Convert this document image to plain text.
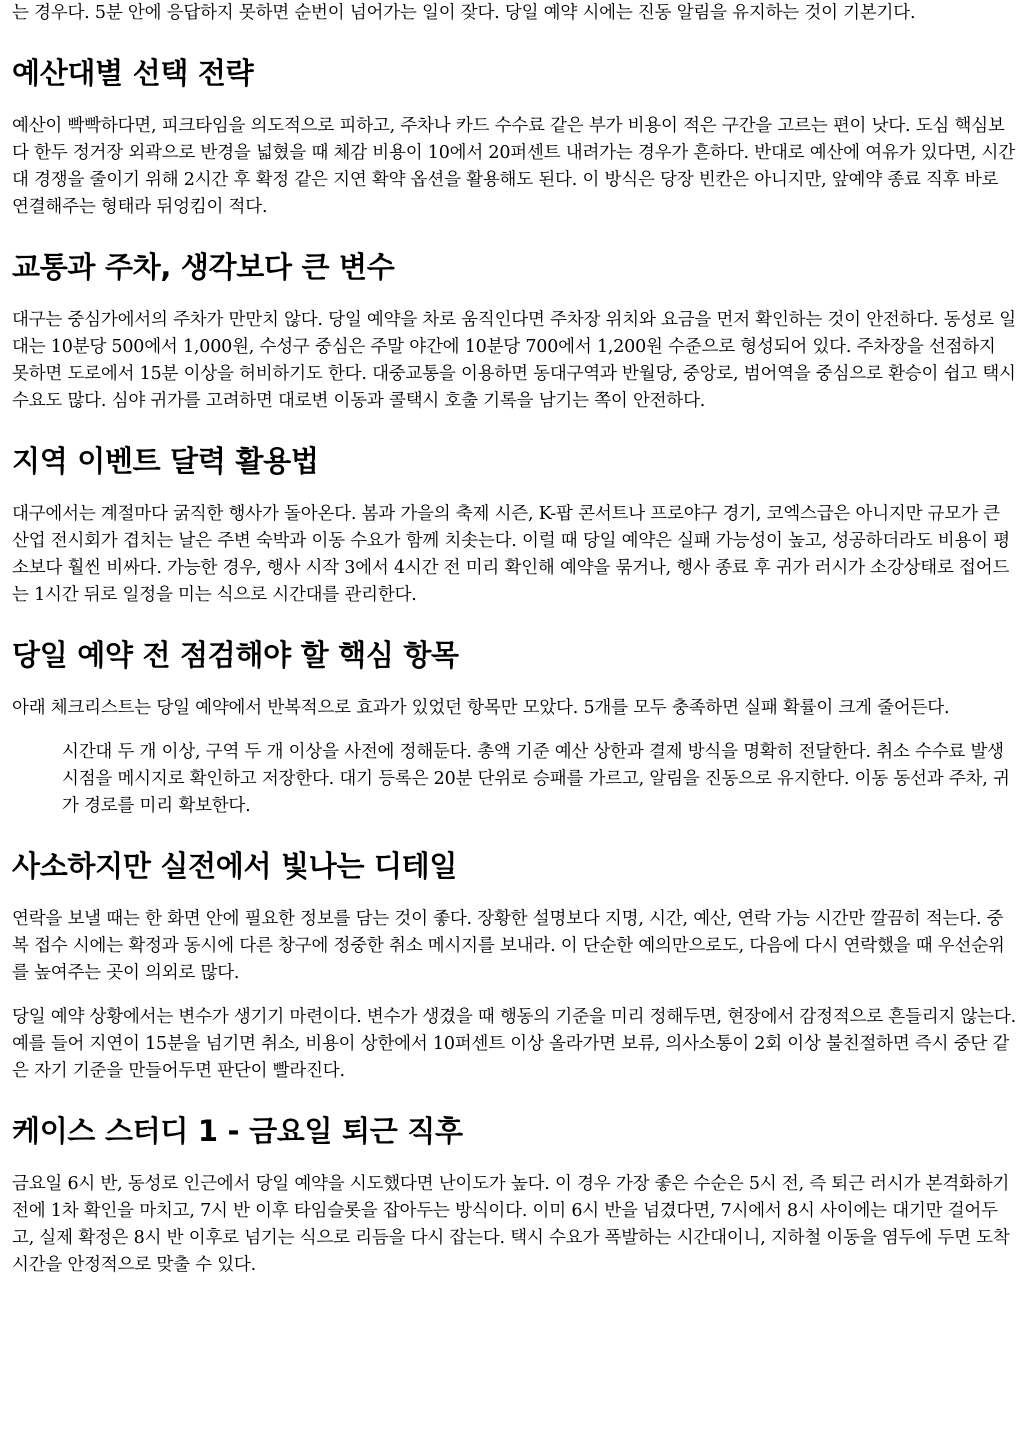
는 경우다. 5분 안에 응답하지 못하면 순번이 넘어가는 일이 잦다. 당일 예약 시에는 진동 알림을 유지하는 것이 기본기다.

예산대별 선택 전략

예산이 빡빡하다면, 피크타임을 의도적으로 피하고, 주차나 카드 수수료 같은 부가 비용이 적은 구간을 고르는 편이 낫다. 도심 핵심보다 한두 정거장 외곽으로 반경을 넓혔을 때 체감 비용이 10에서 20퍼센트 내려가는 경우가 흔하다. 반대로 예산에 여유가 있다면, 시간대 경쟁을 줄이기 위해 2시간 후 확정 같은 지연 확약 옵션을 활용해도 된다. 이 방식은 당장 빈칸은 아니지만, 앞예약 종료 직후 바로 연결해주는 형태라 뒤엉킴이 적다.

교통과 주차, 생각보다 큰 변수

대구는 중심가에서의 주차가 만만치 않다. 당일 예약을 차로 움직인다면 주차장 위치와 요금을 먼저 확인하는 것이 안전하다. 동성로 일대는 10분당 500에서 1,000원, 수성구 중심은 주말 야간에 10분당 700에서 1,200원 수준으로 형성되어 있다. 주차장을 선점하지 못하면 도로에서 15분 이상을 허비하기도 한다. 대중교통을 이용하면 동대구역과 반월당, 중앙로, 범어역을 중심으로 환승이 쉽고 택시 수요도 많다. 심야 귀가를 고려하면 대로변 이동과 콜택시 호출 기록을 남기는 쪽이 안전하다.

지역 이벤트 달력 활용법

대구에서는 계절마다 굵직한 행사가 돌아온다. 봄과 가을의 축제 시즌, K-팝 콘서트나 프로야구 경기, 코엑스급은 아니지만 규모가 큰 산업 전시회가 겹치는 날은 주변 숙박과 이동 수요가 함께 치솟는다. 이럴 때 당일 예약은 실패 가능성이 높고, 성공하더라도 비용이 평소보다 훨씬 비싸다. 가능한 경우, 행사 시작 3에서 4시간 전 미리 확인해 예약을 묶거나, 행사 종료 후 귀가 러시가 소강상태로 접어드는 1시간 뒤로 일정을 미는 식으로 시간대를 관리한다.

당일 예약 전 점검해야 할 핵심 항목

아래 체크리스트는 당일 예약에서 반복적으로 효과가 있었던 항목만 모았다. 5개를 모두 충족하면 실패 확률이 크게 줄어든다.

시간대 두 개 이상, 구역 두 개 이상을 사전에 정해둔다. 총액 기준 예산 상한과 결제 방식을 명확히 전달한다. 취소 수수료 발생 시점을 메시지로 확인하고 저장한다. 대기 등록은 20분 단위로 승패를 가르고, 알림을 진동으로 유지한다. 이동 동선과 주차, 귀가 경로를 미리 확보한다.

사소하지만 실전에서 빛나는 디테일

연락을 보낼 때는 한 화면 안에 필요한 정보를 담는 것이 좋다. 장황한 설명보다 지명, 시간, 예산, 연락 가능 시간만 깔끔히 적는다. 중복 접수 시에는 확정과 동시에 다른 창구에 정중한 취소 메시지를 보내라. 이 단순한 예의만으로도, 다음에 다시 연락했을 때 우선순위를 높여주는 곳이 의외로 많다.

당일 예약 상황에서는 변수가 생기기 마련이다. 변수가 생겼을 때 행동의 기준을 미리 정해두면, 현장에서 감정적으로 흔들리지 않는다. 예를 들어 지연이 15분을 넘기면 취소, 비용이 상한에서 10퍼센트 이상 올라가면 보류, 의사소통이 2회 이상 불친절하면 즉시 중단 같은 자기 기준을 만들어두면 판단이 빨라진다.

케이스 스터디 1 - 금요일 퇴근 직후

금요일 6시 반, 동성로 인근에서 당일 예약을 시도했다면 난이도가 높다. 이 경우 가장 좋은 수순은 5시 전, 즉 퇴근 러시가 본격화하기 전에 1차 확인을 마치고, 7시 반 이후 타임슬롯을 잡아두는 방식이다. 이미 6시 반을 넘겼다면, 7시에서 8시 사이에는 대기만 걸어두고, 실제 확정은 8시 반 이후로 넘기는 식으로 리듬을 다시 잡는다. 택시 수요가 폭발하는 시간대이니, 지하철 이동을 염두에 두면 도착 시간을 안정적으로 맞출 수 있다.
